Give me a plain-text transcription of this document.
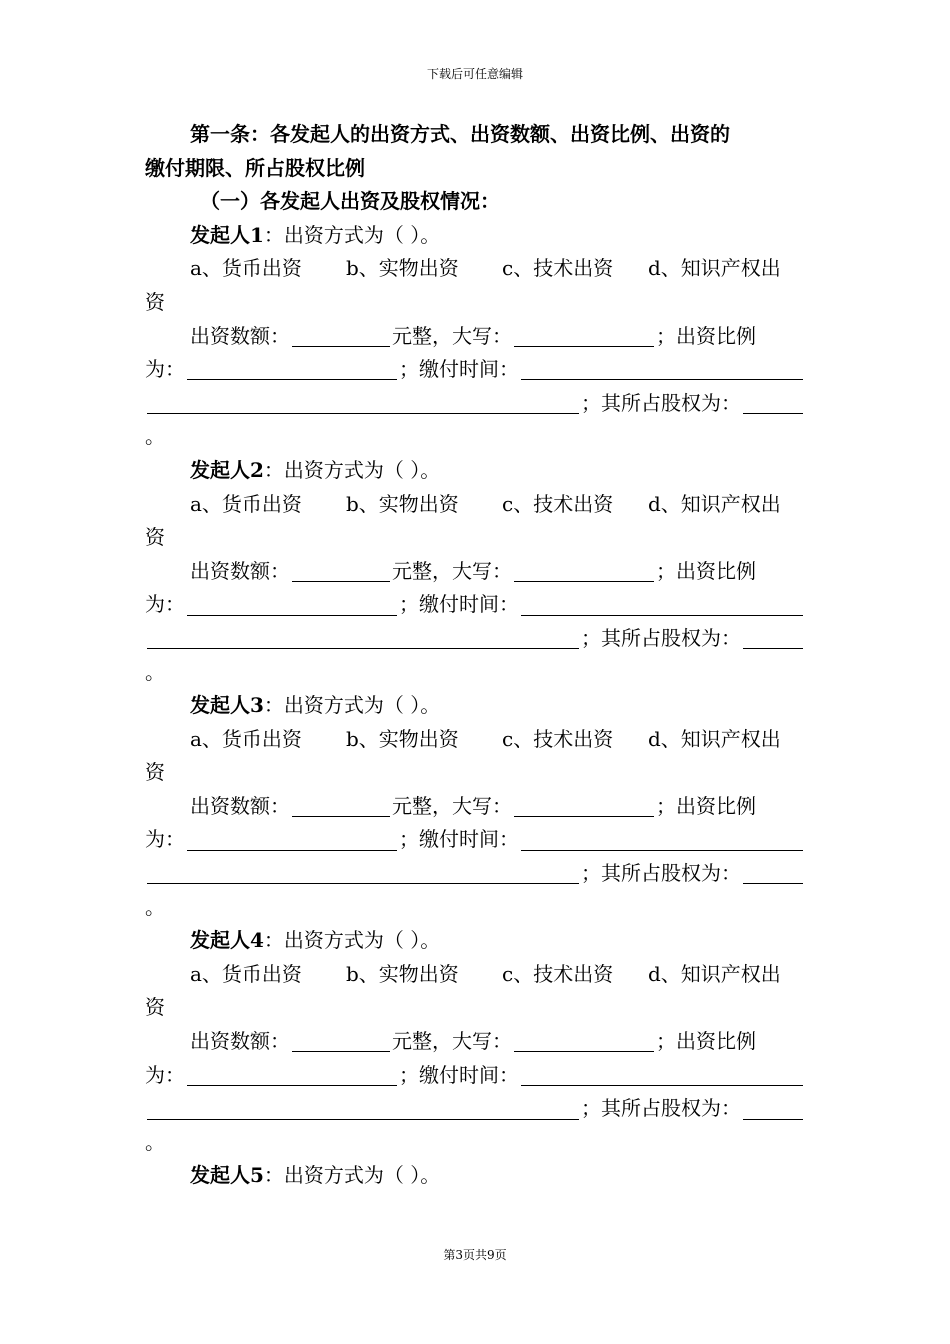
下载后可任意编辑
第一条：各发起人的出资方式、出资数额、出资比例、出资的
缴付期限、所占股权比例
（一）各发起人出资及股权情况：
发起人1：出资方式为（ ）。
a、货币出资 b、实物出资 c、技术出资 d、知识产权出
资
出资数额：	元整，大写：	；出资比例
为：	；缴付时间：
；其所占股权为：
。
发起人2：出资方式为（ ）。
a、货币出资 b、实物出资 c、技术出资 d、知识产权出
资
出资数额：	元整，大写：	；出资比例
为：	；缴付时间：
；其所占股权为：
。
发起人3：出资方式为（ ）。
a、货币出资 b、实物出资 c、技术出资 d、知识产权出
资
出资数额：	元整，大写：	；出资比例
为：	；缴付时间：
；其所占股权为：
。
发起人4：出资方式为（ ）。
a、货币出资 b、实物出资 c、技术出资 d、知识产权出
资
出资数额：	元整，大写：	；出资比例
为：	；缴付时间：
；其所占股权为：
。
发起人5：出资方式为（ ）。
第3页共9页
